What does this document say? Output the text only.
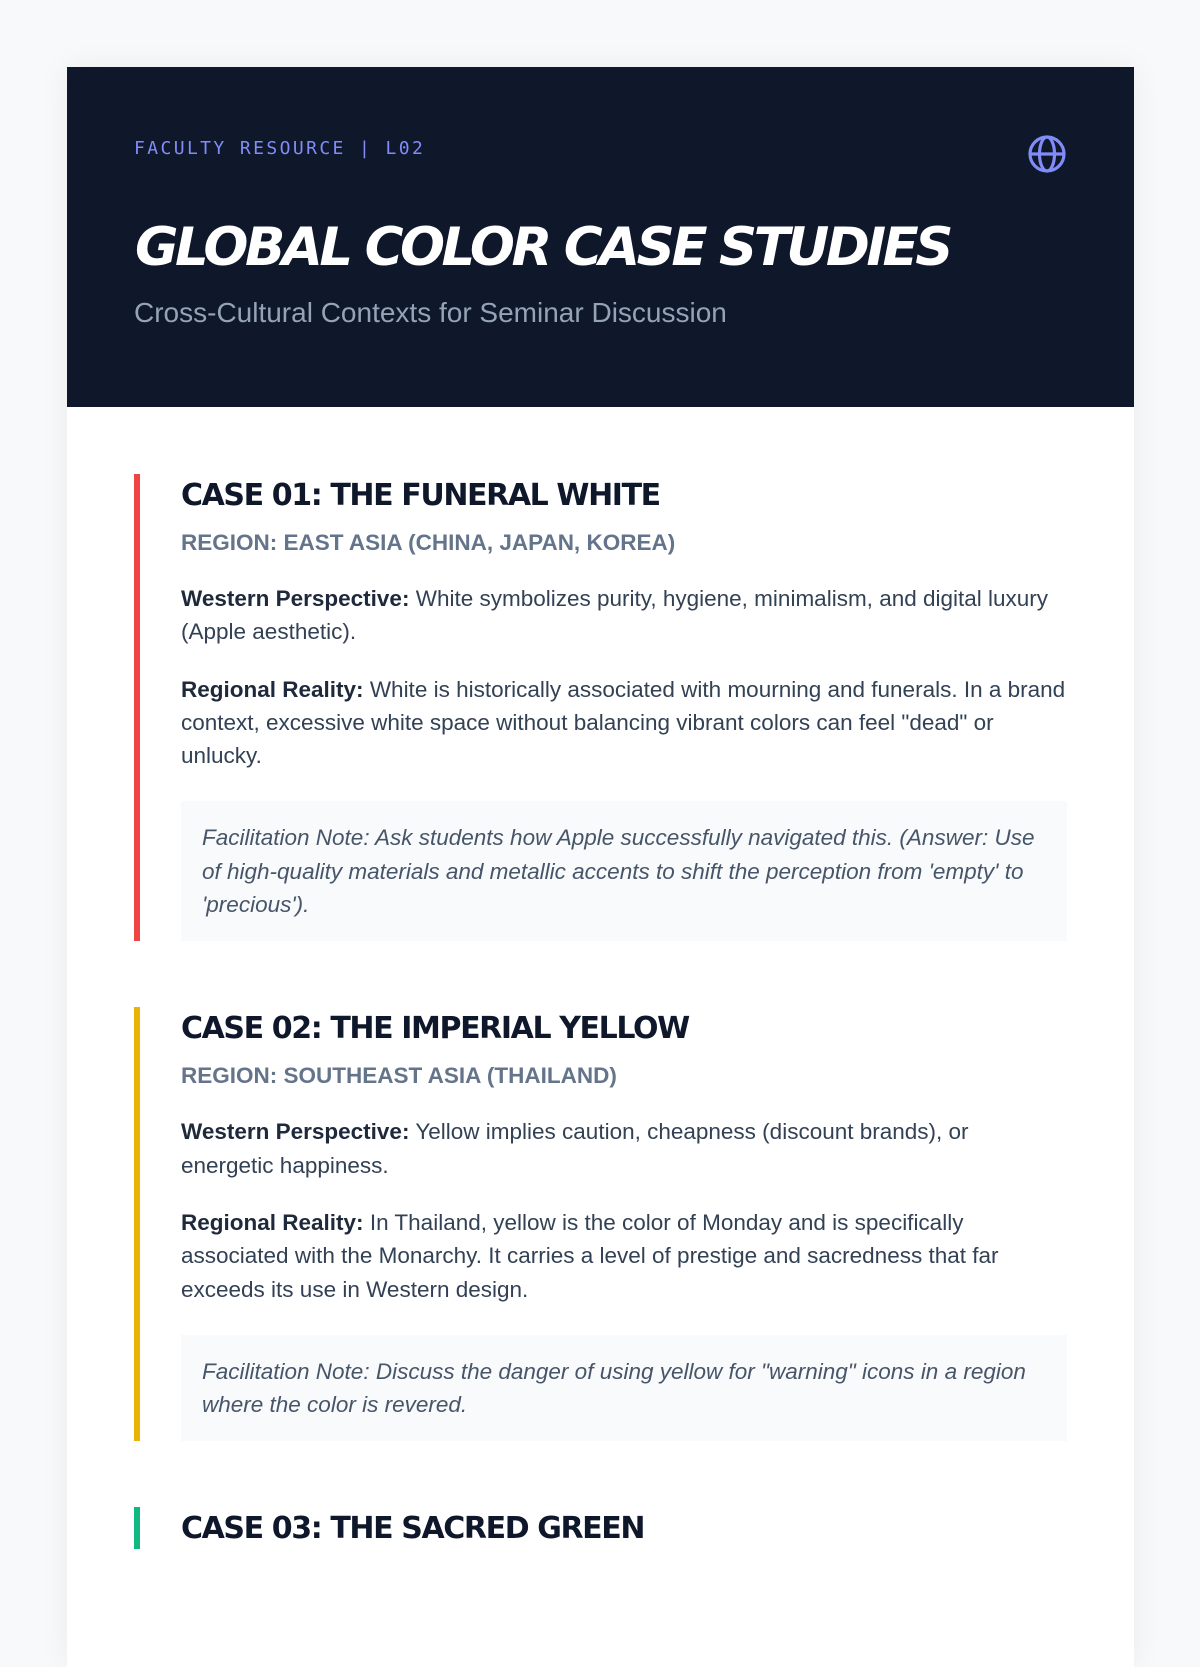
FACULTY RESOURCE | L02
GLOBAL COLOR CASE STUDIES
Cross-Cultural Contexts for Seminar Discussion
CASE 01: THE FUNERAL WHITE
REGION: EAST ASIA (CHINA, JAPAN, KOREA)

Western Perspective: White symbolizes purity, hygiene, minimalism, and digital luxury (Apple aesthetic).

Regional Reality: White is historically associated with mourning and funerals. In a brand context, excessive white space without balancing vibrant colors can feel "dead" or unlucky.

Facilitation Note: Ask students how Apple successfully navigated this. (Answer: Use of high-quality materials and metallic accents to shift the perception from 'empty' to 'precious').
CASE 02: THE IMPERIAL YELLOW
REGION: SOUTHEAST ASIA (THAILAND)

Western Perspective: Yellow implies caution, cheapness (discount brands), or energetic happiness.

Regional Reality: In Thailand, yellow is the color of Monday and is specifically associated with the Monarchy. It carries a level of prestige and sacredness that far exceeds its use in Western design.

Facilitation Note: Discuss the danger of using yellow for "warning" icons in a region where the color is revered.
CASE 03: THE SACRED GREEN
